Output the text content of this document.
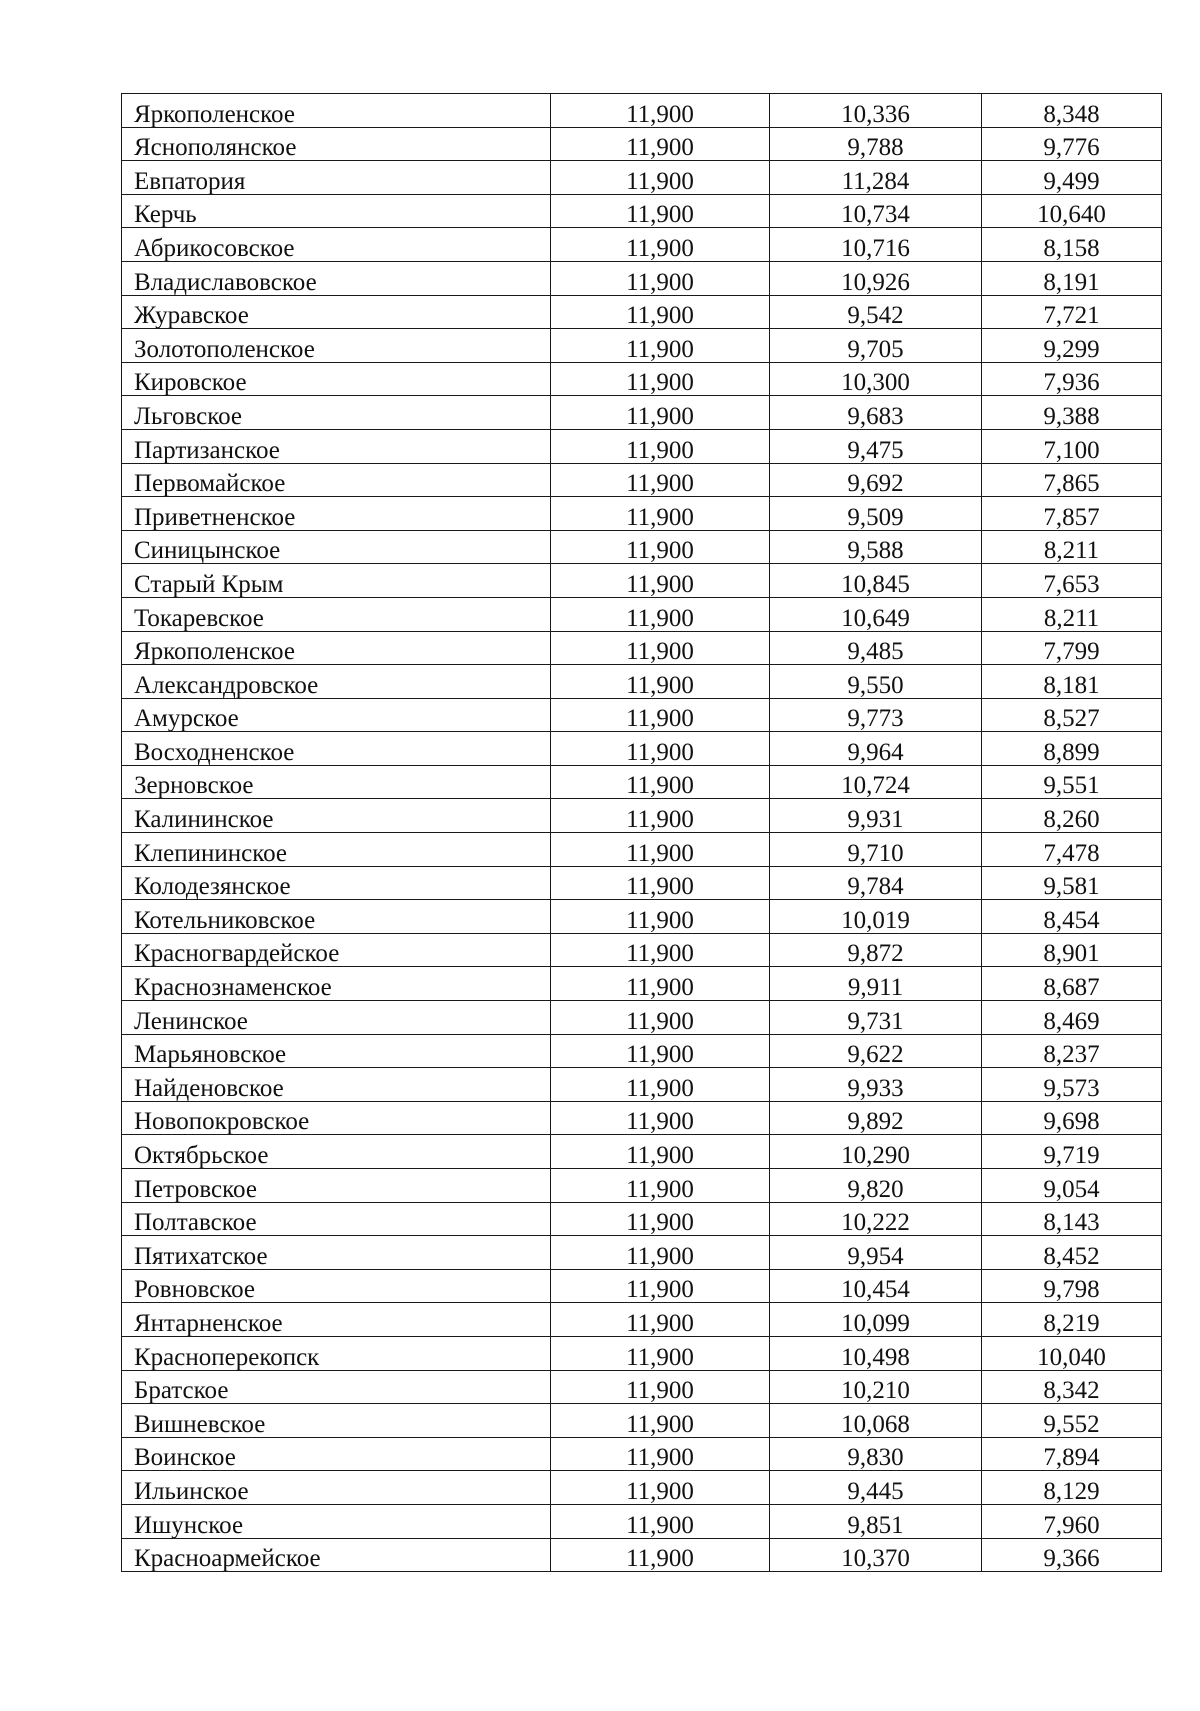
Яркополенское	11,900	10,336	8,348
Яснополянское	11,900	9,788	9,776
Евпатория	11,900	11,284	9,499
Керчь	11,900	10,734	10,640
Абрикосовское	11,900	10,716	8,158
Владиславовское	11,900	10,926	8,191
Журавское	11,900	9,542	7,721
Золотополенское	11,900	9,705	9,299
Кировское	11,900	10,300	7,936
Льговское	11,900	9,683	9,388
Партизанское	11,900	9,475	7,100
Первомайское	11,900	9,692	7,865
Приветненское	11,900	9,509	7,857
Синицынское	11,900	9,588	8,211
Старый Крым	11,900	10,845	7,653
Токаревское	11,900	10,649	8,211
Яркополенское	11,900	9,485	7,799
Александровское	11,900	9,550	8,181
Амурское	11,900	9,773	8,527
Восходненское	11,900	9,964	8,899
Зерновское	11,900	10,724	9,551
Калининское	11,900	9,931	8,260
Клепининское	11,900	9,710	7,478
Колодезянское	11,900	9,784	9,581
Котельниковское	11,900	10,019	8,454
Красногвардейское	11,900	9,872	8,901
Краснознаменское	11,900	9,911	8,687
Ленинское	11,900	9,731	8,469
Марьяновское	11,900	9,622	8,237
Найденовское	11,900	9,933	9,573
Новопокровское	11,900	9,892	9,698
Октябрьское	11,900	10,290	9,719
Петровское	11,900	9,820	9,054
Полтавское	11,900	10,222	8,143
Пятихатское	11,900	9,954	8,452
Ровновское	11,900	10,454	9,798
Янтарненское	11,900	10,099	8,219
Красноперекопск	11,900	10,498	10,040
Братское	11,900	10,210	8,342
Вишневское	11,900	10,068	9,552
Воинское	11,900	9,830	7,894
Ильинское	11,900	9,445	8,129
Ишунское	11,900	9,851	7,960
Красноармейское	11,900	10,370	9,366
